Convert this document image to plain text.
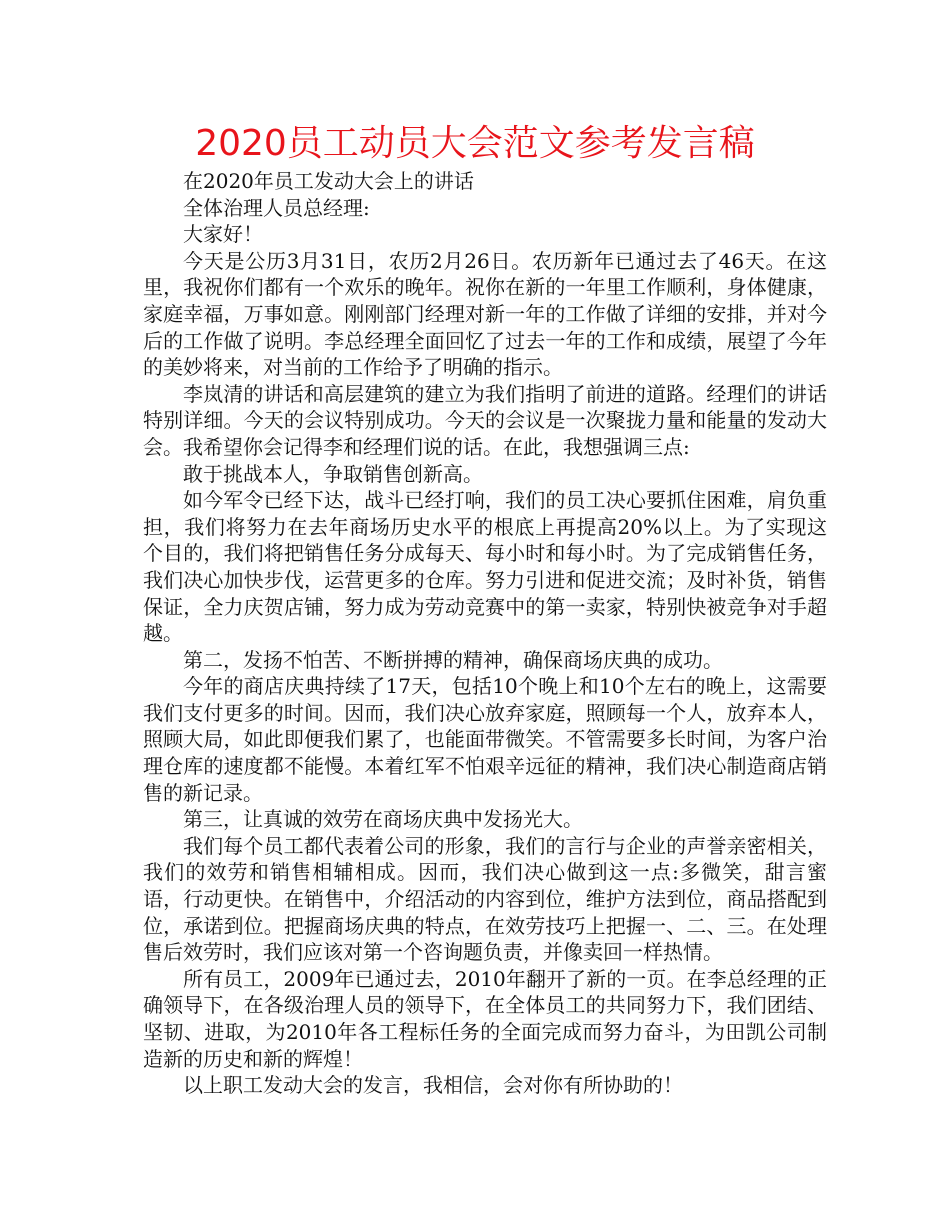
2020员工动员大会范文参考发言稿

在2020年员工发动大会上的讲话

全体治理人员总经理:

大家好！

今天是公历3月31日，农历2月26日。农历新年已通过去了46天。在这里，我祝你们都有一个欢乐的晚年。祝你在新的一年里工作顺利，身体健康，家庭幸福，万事如意。刚刚部门经理对新一年的工作做了详细的安排，并对今后的工作做了说明。李总经理全面回忆了过去一年的工作和成绩，展望了今年的美妙将来，对当前的工作给予了明确的指示。

李岚清的讲话和高层建筑的建立为我们指明了前进的道路。经理们的讲话特别详细。今天的会议特别成功。今天的会议是一次聚拢力量和能量的发动大会。我希望你会记得李和经理们说的话。在此，我想强调三点:

敢于挑战本人，争取销售创新高。

如今军令已经下达，战斗已经打响，我们的员工决心要抓住困难，肩负重担，我们将努力在去年商场历史水平的根底上再提高20%以上。为了实现这个目的，我们将把销售任务分成每天、每小时和每小时。为了完成销售任务，我们决心加快步伐，运营更多的仓库。努力引进和促进交流；及时补货，销售保证，全力庆贺店铺，努力成为劳动竞赛中的第一卖家，特别快被竞争对手超越。

第二，发扬不怕苦、不断拼搏的精神，确保商场庆典的成功。

今年的商店庆典持续了17天，包括10个晚上和10个左右的晚上，这需要我们支付更多的时间。因而，我们决心放弃家庭，照顾每一个人，放弃本人，照顾大局，如此即便我们累了，也能面带微笑。不管需要多长时间，为客户治理仓库的速度都不能慢。本着红军不怕艰辛远征的精神，我们决心制造商店销售的新记录。

第三，让真诚的效劳在商场庆典中发扬光大。

我们每个员工都代表着公司的形象，我们的言行与企业的声誉亲密相关，我们的效劳和销售相辅相成。因而，我们决心做到这一点:多微笑，甜言蜜语，行动更快。在销售中，介绍活动的内容到位，维护方法到位，商品搭配到位，承诺到位。把握商场庆典的特点，在效劳技巧上把握一、二、三。在处理售后效劳时，我们应该对第一个咨询题负责，并像卖回一样热情。

所有员工，2009年已通过去，2010年翻开了新的一页。在李总经理的正确领导下，在各级治理人员的领导下，在全体员工的共同努力下，我们团结、坚韧、进取，为2010年各工程标任务的全面完成而努力奋斗，为田凯公司制造新的历史和新的辉煌！

以上职工发动大会的发言，我相信，会对你有所协助的！
